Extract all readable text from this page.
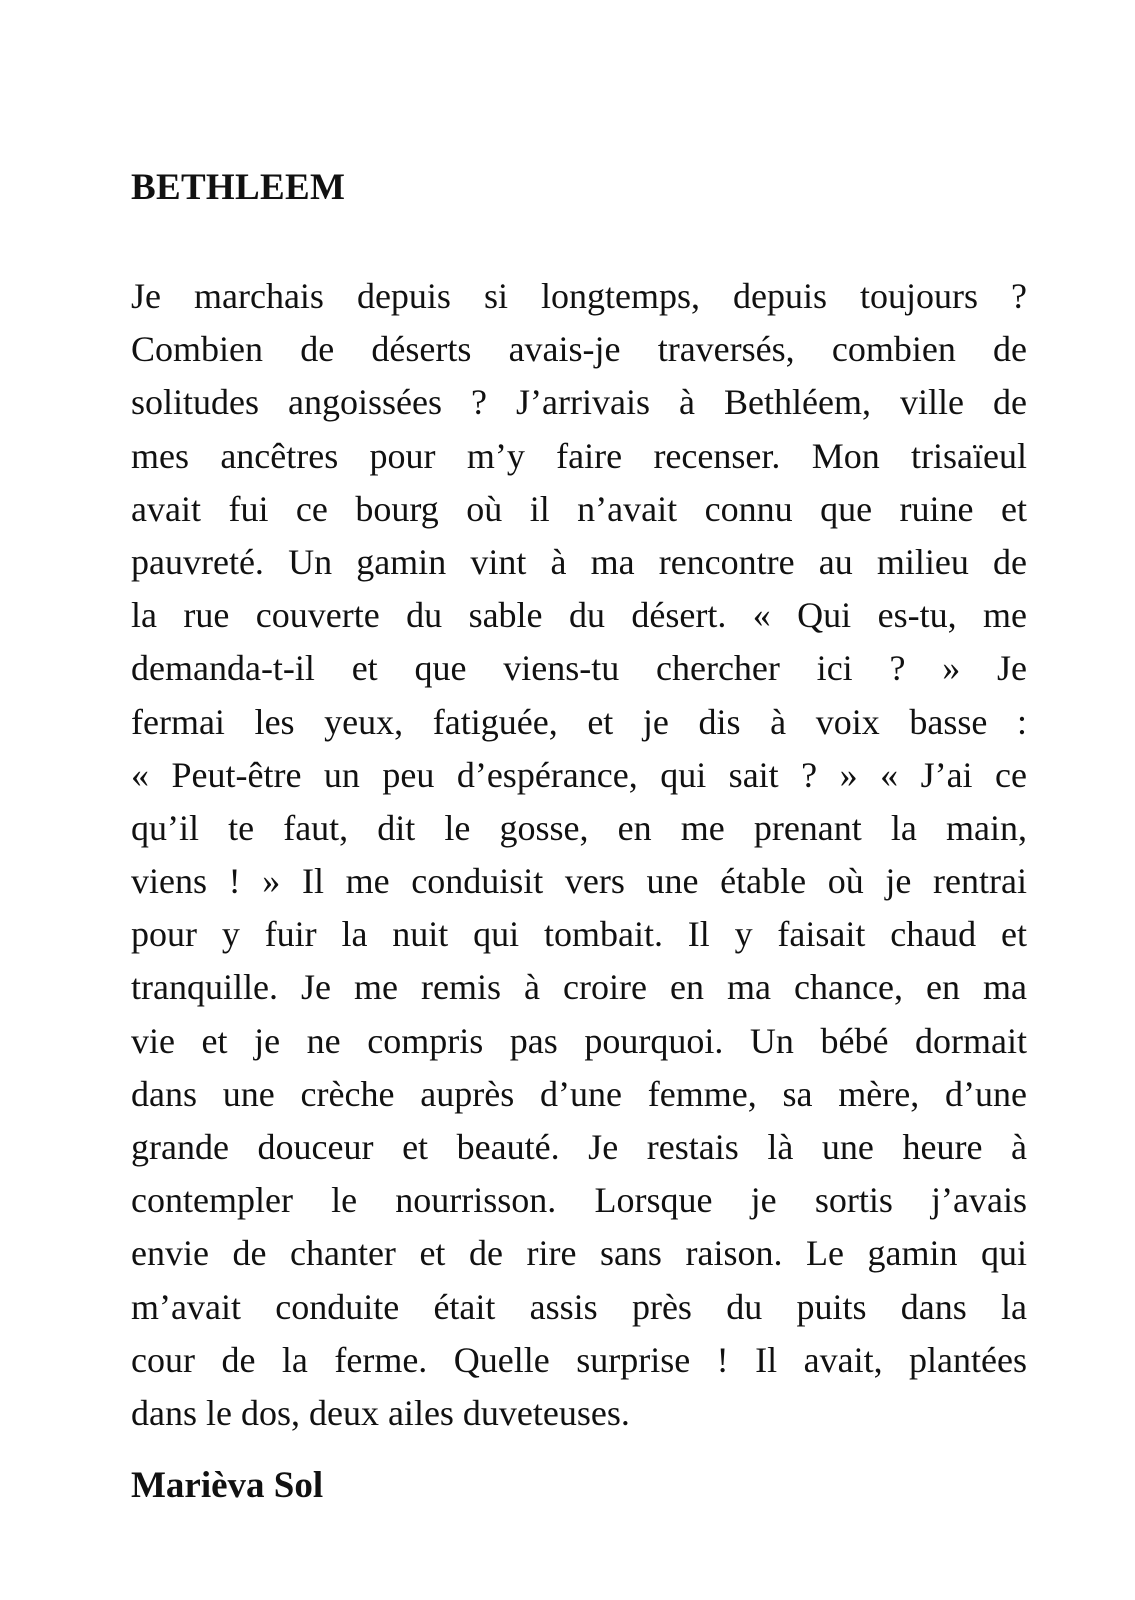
BETHLEEM
Je marchais depuis si longtemps, depuis toujours ?
Combien de déserts avais-je traversés, combien de
solitudes angoissées ? J’arrivais à Bethléem, ville de
mes ancêtres pour m’y faire recenser. Mon trisaïeul
avait fui ce bourg où il n’avait connu que ruine et
pauvreté. Un gamin vint à ma rencontre au milieu de
la rue couverte du sable du désert. « Qui es-tu, me
demanda-t-il et que viens-tu chercher ici ? » Je
fermai les yeux, fatiguée, et je dis à voix basse :
« Peut-être un peu d’espérance, qui sait ? » « J’ai ce
qu’il te faut, dit le gosse, en me prenant la main,
viens ! » Il me conduisit vers une étable où je rentrai
pour y fuir la nuit qui tombait. Il y faisait chaud et
tranquille. Je me remis à croire en ma chance, en ma
vie et je ne compris pas pourquoi. Un bébé dormait
dans une crèche auprès d’une femme, sa mère, d’une
grande douceur et beauté. Je restais là une heure à
contempler le nourrisson. Lorsque je sortis j’avais
envie de chanter et de rire sans raison. Le gamin qui
m’avait conduite était assis près du puits dans la
cour de la ferme. Quelle surprise ! Il avait, plantées
dans le dos, deux ailes duveteuses.

Marièva Sol
